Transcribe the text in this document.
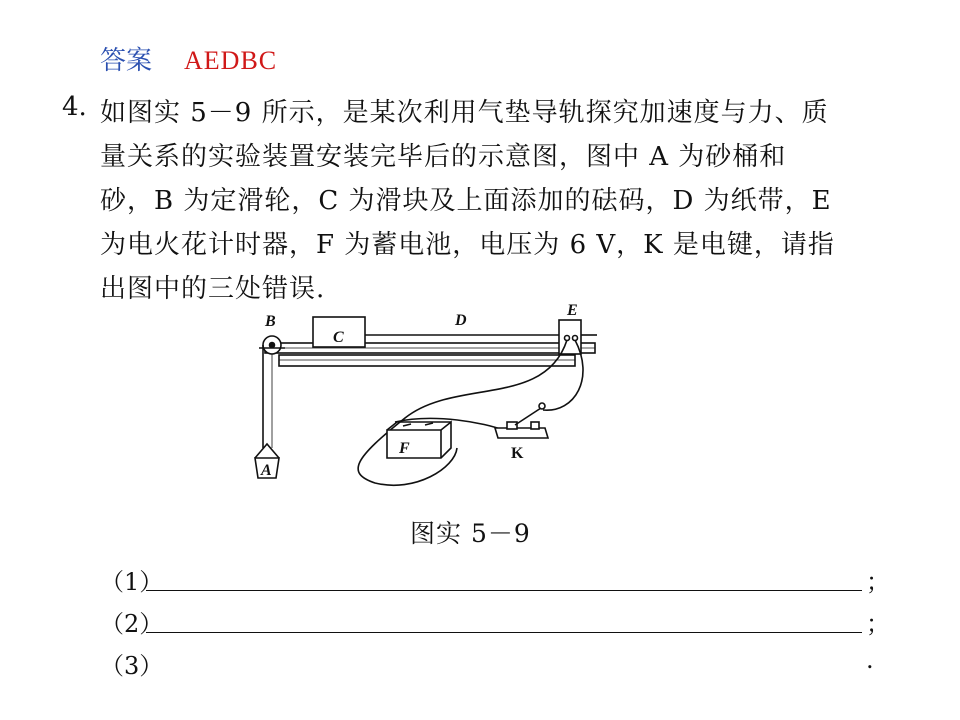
答案 AEDBC
4. 如图实 5－9 所示，是某次利用气垫导轨探究加速度与力、质
量关系的实验装置安装完毕后的示意图，图中 A 为砂桶和
砂，B 为定滑轮，C 为滑块及上面添加的砝码，D 为纸带，E
为电火花计时器，F 为蓄电池，电压为 6 V，K 是电键，请指
出图中的三处错误.
B
C
D
E
A
F	K
图实 5－9
（1）	；
（2）	；
（3）	.
